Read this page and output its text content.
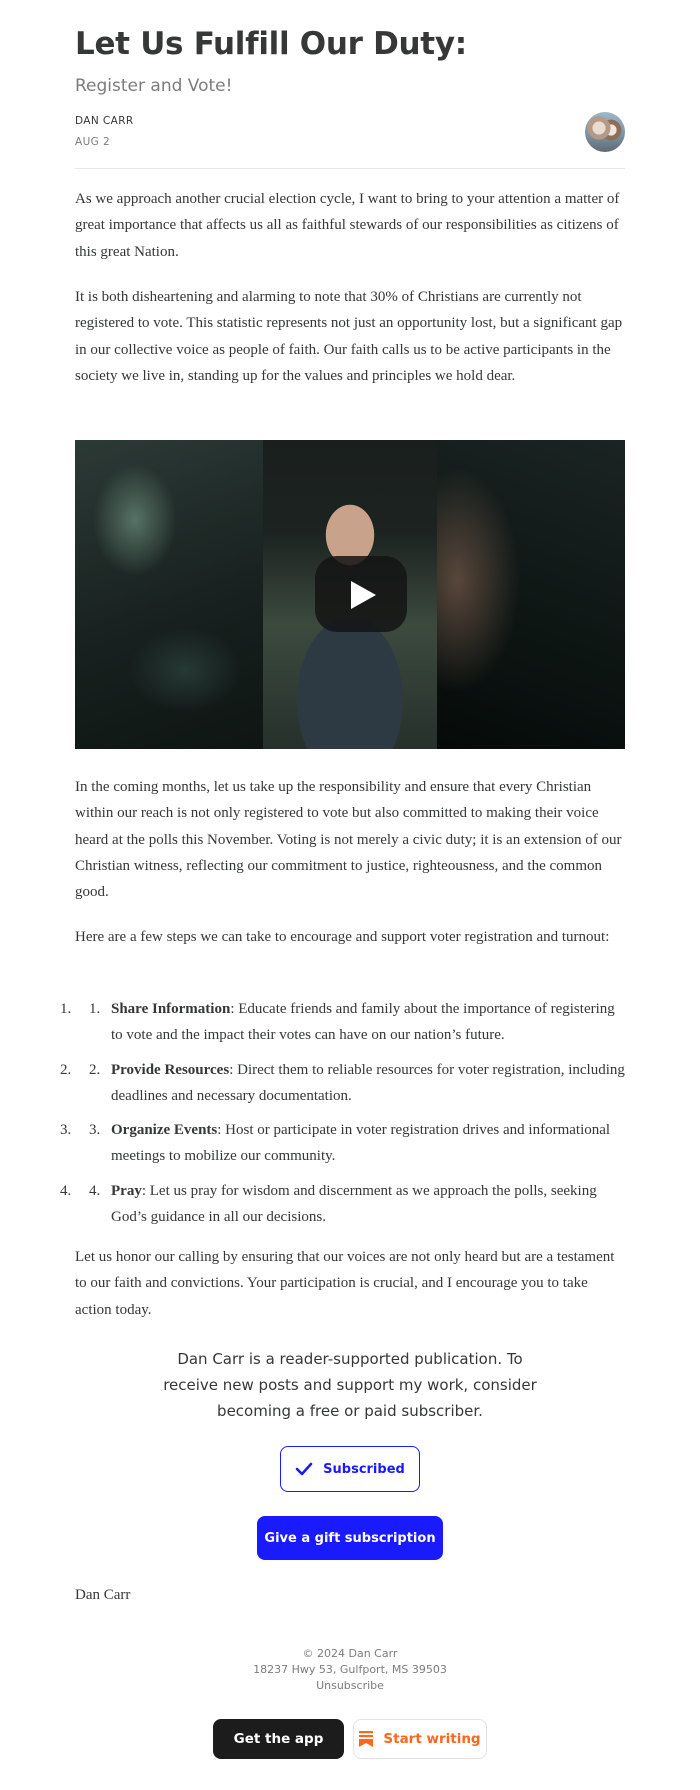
Let Us Fulfill Our Duty:
Register and Vote!
DAN CARR
AUG 2

As we approach another crucial election cycle, I want to bring to your attention a matter of great importance that affects us all as faithful stewards of our responsibilities as citizens of this great Nation.

It is both disheartening and alarming to note that 30% of Christians are currently not registered to vote. This statistic represents not just an opportunity lost, but a significant gap in our collective voice as people of faith. Our faith calls us to be active participants in the society we live in, standing up for the values and principles we hold dear.

In the coming months, let us take up the responsibility and ensure that every Christian within our reach is not only registered to vote but also committed to making their voice heard at the polls this November. Voting is not merely a civic duty; it is an extension of our Christian witness, reflecting our commitment to justice, righteousness, and the common good.

Here are a few steps we can take to encourage and support voter registration and turnout:

1. 1. Share Information: Educate friends and family about the importance of registering to vote and the impact their votes can have on our nation’s future.
2. 2. Provide Resources: Direct them to reliable resources for voter registration, including deadlines and necessary documentation.
3. 3. Organize Events: Host or participate in voter registration drives and informational meetings to mobilize our community.
4. 4. Pray: Let us pray for wisdom and discernment as we approach the polls, seeking God’s guidance in all our decisions.

Let us honor our calling by ensuring that our voices are not only heard but are a testament to our faith and convictions. Your participation is crucial, and I encourage you to take action today.

Dan Carr is a reader-supported publication. To receive new posts and support my work, consider becoming a free or paid subscriber.
Subscribed
Give a gift subscription
Dan Carr
© 2024 Dan Carr
18237 Hwy 53, Gulfport, MS 39503
Unsubscribe
Get the app	Start writing
